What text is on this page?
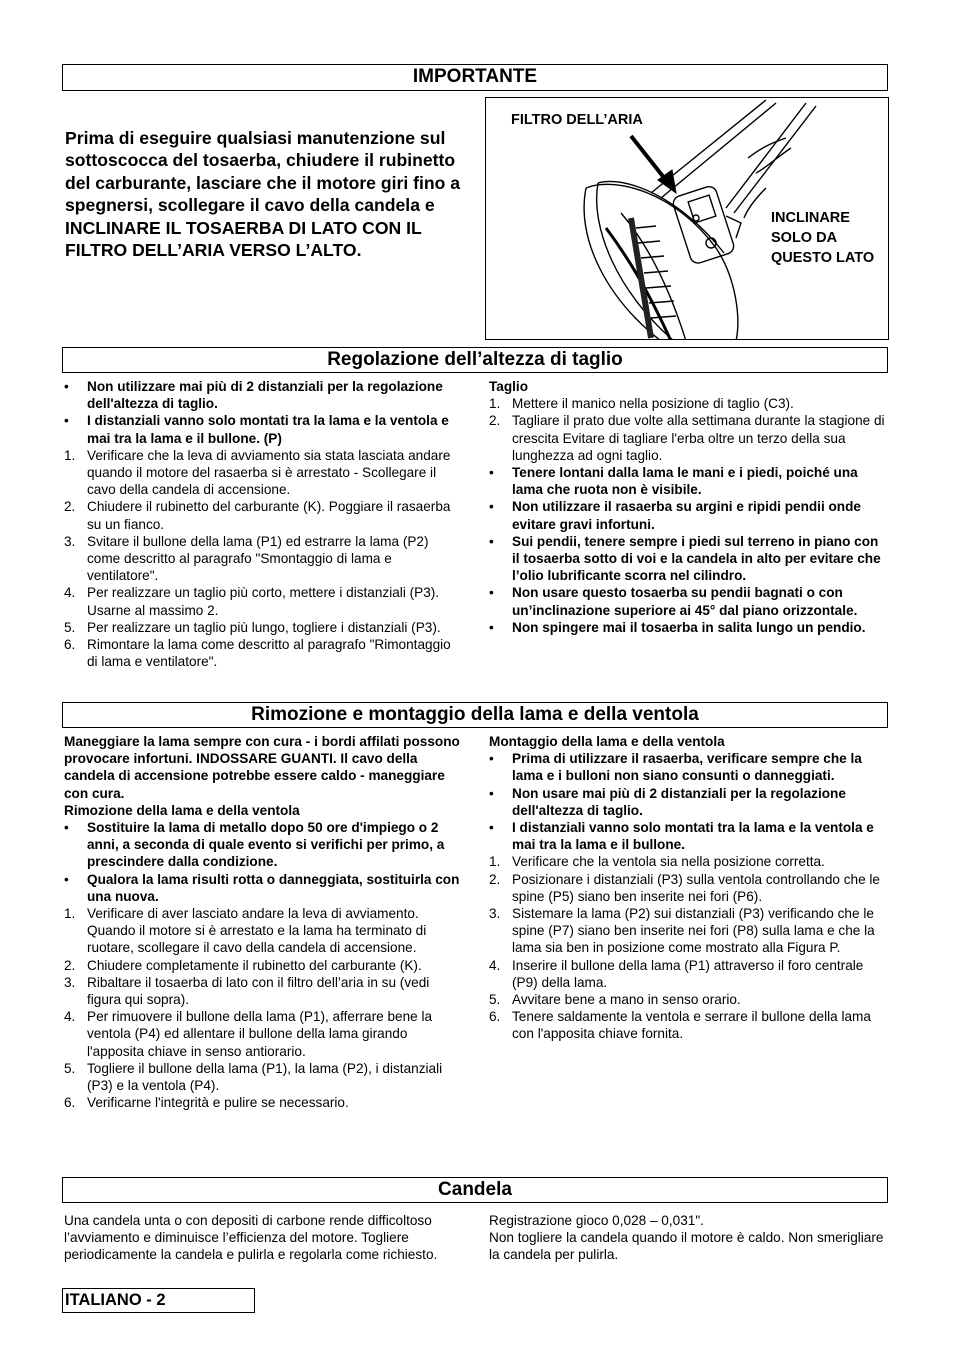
IMPORTANTE
Prima di eseguire qualsiasi manutenzione sul sottoscocca del tosaerba, chiudere il rubinetto del carburante, lasciare che il motore giri fino a spegnersi, scollegare il cavo della candela e INCLINARE IL TOSAERBA DI LATO CON IL FILTRO DELL’ARIA VERSO L’ALTO.
FILTRO DELL’ARIA
INCLINARE SOLO DA QUESTO LATO
Regolazione dell’altezza di taglio
• Non utilizzare mai più di 2 distanziali per la regolazione dell'altezza di taglio.
• I distanziali vanno solo montati tra la lama e la ventola e mai tra la lama e il bullone. (P)
1. Verificare che la leva di avviamento sia stata lasciata andare quando il motore del rasaerba si è arrestato - Scollegare il cavo della candela di accensione.
2. Chiudere il rubinetto del carburante (K). Poggiare il rasaerba su un fianco.
3. Svitare il bullone della lama (P1) ed estrarre la lama (P2) come descritto al paragrafo "Smontaggio di lama e ventilatore".
4. Per realizzare un taglio più corto, mettere i distanziali (P3). Usarne al massimo 2.
5. Per realizzare un taglio più lungo, togliere i distanziali (P3).
6. Rimontare la lama come descritto al paragrafo "Rimontaggio di lama e ventilatore".

Taglio

1. Mettere il manico nella posizione di taglio (C3).
2. Tagliare il prato due volte alla settimana durante la stagione di crescita Evitare di tagliare l'erba oltre un terzo della sua lunghezza ad ogni taglio.
• Tenere lontani dalla lama le mani e i piedi, poiché una lama che ruota non è visibile.
• Non utilizzare il rasaerba su argini e ripidi pendii onde evitare gravi infortuni.
• Sui pendii, tenere sempre i piedi sul terreno in piano con il tosaerba sotto di voi e la candela in alto per evitare che l’olio lubrificante scorra nel cilindro.
• Non usare questo tosaerba su pendii bagnati o con un’inclinazione superiore ai 45° dal piano orizzontale.
• Non spingere mai il tosaerba in salita lungo un pendio.
Rimozione e montaggio della lama e della ventola

Maneggiare la lama sempre con cura - i bordi affilati possono provocare infortuni. INDOSSARE GUANTI. Il cavo della candela di accensione potrebbe essere caldo - maneggiare con cura.

Rimozione della lama e della ventola

• Sostituire la lama di metallo dopo 50 ore d'impiego o 2 anni, a seconda di quale evento si verifichi per primo, a prescindere dalla condizione.
• Qualora la lama risulti rotta o danneggiata, sostituirla con una nuova.
1. Verificare di aver lasciato andare la leva di avviamento. Quando il motore si è arrestato e la lama ha terminato di ruotare, scollegare il cavo della candela di accensione.
2. Chiudere completamente il rubinetto del carburante (K).
3. Ribaltare il tosaerba di lato con il filtro dell’aria in su (vedi figura qui sopra).
4. Per rimuovere il bullone della lama (P1), afferrare bene la ventola (P4) ed allentare il bullone della lama girando l'apposita chiave in senso antiorario.
5. Togliere il bullone della lama (P1), la lama (P2), i distanziali (P3) e la ventola (P4).
6. Verificarne l'integrità e pulire se necessario.

Montaggio della lama e della ventola

• Prima di utilizzare il rasaerba, verificare sempre che la lama e i bulloni non siano consunti o danneggiati.
• Non usare mai più di 2 distanziali per la regolazione dell'altezza di taglio.
• I distanziali vanno solo montati tra la lama e la ventola e mai tra la lama e il bullone.
1. Verificare che la ventola sia nella posizione corretta.
2. Posizionare i distanziali (P3) sulla ventola controllando che le spine (P5) siano ben inserite nei fori (P6).
3. Sistemare la lama (P2) sui distanziali (P3) verificando che le spine (P7) siano ben inserite nei fori (P8) sulla lama e che la lama sia ben in posizione come mostrato alla Figura P.
4. Inserire il bullone della lama (P1) attraverso il foro centrale (P9) della lama.
5. Avvitare bene a mano in senso orario.
6. Tenere saldamente la ventola e serrare il bullone della lama con l'apposita chiave fornita.
Candela

Una candela unta o con depositi di carbone rende difficoltoso l’avviamento e diminuisce l’efficienza del motore. Togliere periodicamente la candela e pulirla e regolarla come richiesto.

Registrazione gioco 0,028 – 0,031".

Non togliere la candela quando il motore è caldo. Non smerigliare la candela per pulirla.

ITALIANO - 2
